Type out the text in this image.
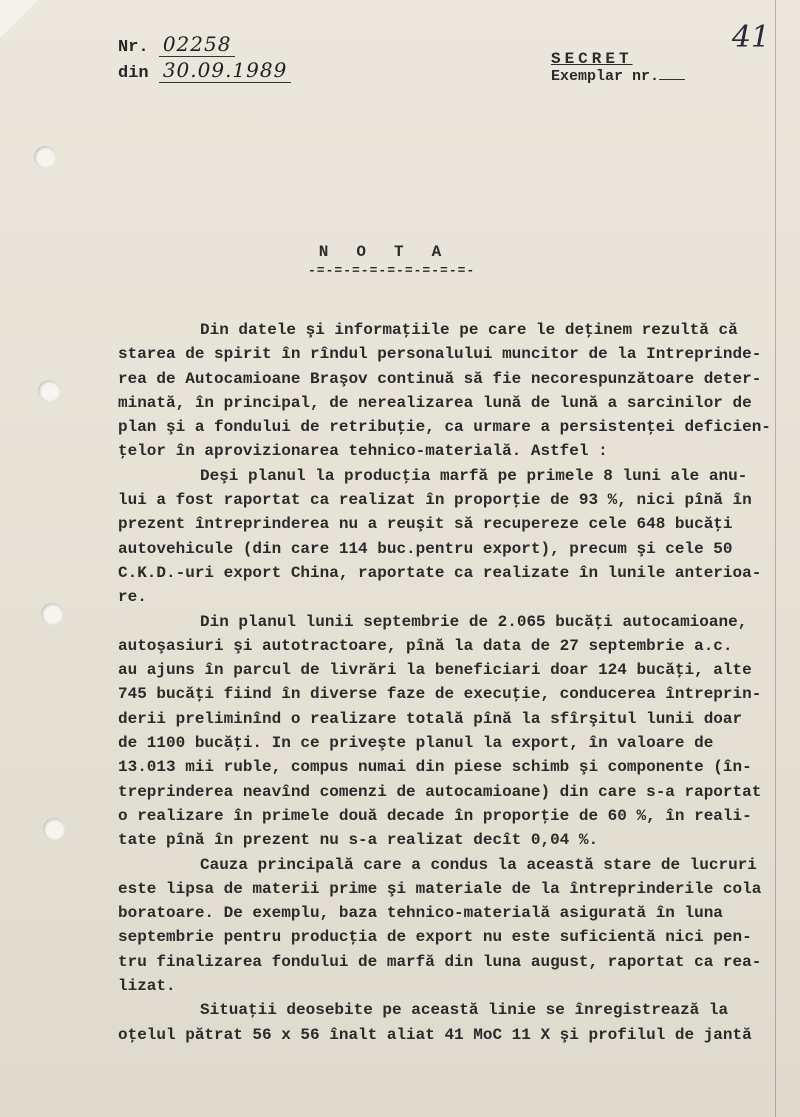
Nr. 02258
din 30.09.1989	SECRET
Exemplar nr.
41
NOTA
-=-=-=-=-=-=-=-=-=-

Din datele şi informaţiile pe care le deţinem rezultă că
starea de spirit în rîndul personalului muncitor de la Intreprinde-
rea de Autocamioane Braşov continuă să fie necorespunzătoare deter-
minată, în principal, de nerealizarea lună de lună a sarcinilor de
plan şi a fondului de retribuţie, ca urmare a persistenţei deficien-
ţelor în aprovizionarea tehnico-materială. Astfel :

Deşi planul la producţia marfă pe primele 8 luni ale anu-
lui a fost raportat ca realizat în proporţie de 93 %, nici pînă în
prezent întreprinderea nu a reuşit să recupereze cele 648 bucăţi
autovehicule (din care 114 buc.pentru export), precum şi cele 50
C.K.D.-uri export China, raportate ca realizate în lunile anterioa-
re.

Din planul lunii septembrie de 2.065 bucăţi autocamioane,
autoşasiuri şi autotractoare, pînă la data de 27 septembrie a.c.
au ajuns în parcul de livrări la beneficiari doar 124 bucăţi, alte
745 bucăţi fiind în diverse faze de execuţie, conducerea întreprin-
derii preliminînd o realizare totală pînă la sfîrşitul lunii doar
de 1100 bucăţi. In ce priveşte planul la export, în valoare de
13.013 mii ruble, compus numai din piese schimb şi componente (în-
treprinderea neavînd comenzi de autocamioane) din care s-a raportat
o realizare în primele două decade în proporţie de 60 %, în reali-
tate pînă în prezent nu s-a realizat decît 0,04 %.

Cauza principală care a condus la această stare de lucruri
este lipsa de materii prime şi materiale de la întreprinderile cola
boratoare. De exemplu, baza tehnico-materială asigurată în luna
septembrie pentru producţia de export nu este suficientă nici pen-
tru finalizarea fondului de marfă din luna august, raportat ca rea-
lizat.

Situaţii deosebite pe această linie se înregistrează la
oţelul pătrat 56 x 56 înalt aliat 41 MoC 11 X şi profilul de jantă
